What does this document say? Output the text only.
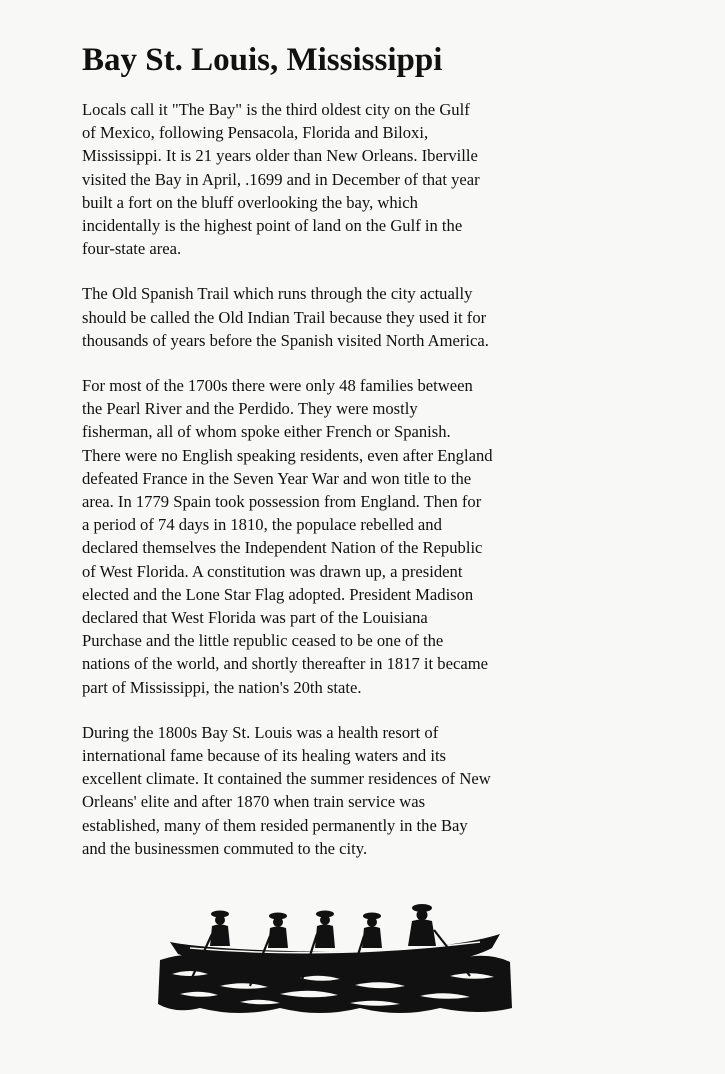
Bay St. Louis, Mississippi

Locals call it "The Bay" is the third oldest city on the Gulf
of Mexico, following Pensacola, Florida and Biloxi,
Mississippi. It is 21 years older than New Orleans. Iberville
visited the Bay in April, .1699 and in December of that year
built a fort on the bluff overlooking the bay, which
incidentally is the highest point of land on the Gulf in the
four-state area.

The Old Spanish Trail which runs through the city actually
should be called the Old Indian Trail because they used it for
thousands of years before the Spanish visited North America.

For most of the 1700s there were only 48 families between
the Pearl River and the Perdido. They were mostly
fisherman, all of whom spoke either French or Spanish.
There were no English speaking residents, even after England
defeated France in the Seven Year War and won title to the
area. In 1779 Spain took possession from England. Then for
a period of 74 days in 1810, the populace rebelled and
declared themselves the Independent Nation of the Republic
of West Florida. A constitution was drawn up, a president
elected and the Lone Star Flag adopted. President Madison
declared that West Florida was part of the Louisiana
Purchase and the little republic ceased to be one of the
nations of the world, and shortly thereafter in 1817 it became
part of Mississippi, the nation's 20th state.

During the 1800s Bay St. Louis was a health resort of
international fame because of its healing waters and its
excellent climate. It contained the summer residences of New
Orleans' elite and after 1870 when train service was
established, many of them resided permanently in the Bay
and the businessmen commuted to the city.
